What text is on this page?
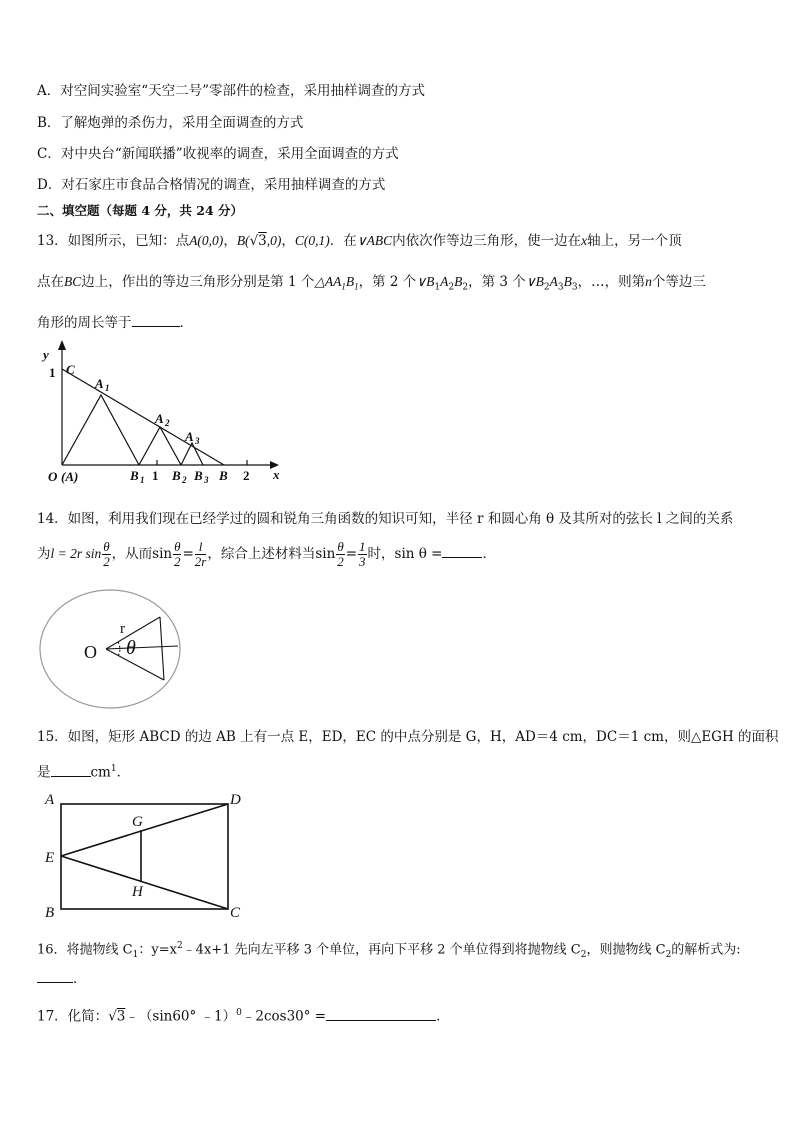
A．对空间实验室“天空二号”零部件的检查，采用抽样调查的方式
B．了解炮弹的杀伤力，采用全面调查的方式
C．对中央台“新闻联播”收视率的调查，采用全面调查的方式
D．对石家庄市食品合格情况的调查，采用抽样调查的方式
二、填空题（每题 4 分，共 24 分）
13．如图所示，已知：点A(0,0)，B(√3,0)，C(0,1)．在∨ABC内依次作等边三角形，使一边在x轴上，另一个顶
点在BC边上，作出的等边三角形分别是第 1 个$\triangle AA_1B_1$，第 2 个$\vee B_1A_2B_2$，第 3 个$\vee B_2A_3B_3$，…，则第n个等边三
角形的周长等于	．
y
x
1 C
A 1
A 2
A 3
O (A)	B 1 1 B 2 B 3 B 2
14．如图，利用我们现在已经学过的圆和锐角三角函数的知识可知，半径 r 和圆心角 θ 及其所对的弦长 l 之间的关系
为l = 2r $\sin \frac{\theta}{2}$ ，从而$\sin \frac{\theta}{2} = \frac{l}{2r}$ ，综合上述材料当$\sin \frac{\theta}{2} = \frac{1}{3}$ 时，sin θ =	．
O
r
θ
15．如图，矩形 ABCD 的边 AB 上有一点 E，ED，EC 的中点分别是 G，H，AD＝4 cm，DC＝1 cm，则△EGH 的面积
是	$cm^1$．
A	D
G
E
H
B	C
16．将抛物线 $C_1$：$y=x^2﹣4x+1$ 先向左平移 3 个单位，再向下平移 2 个单位得到将抛物线 $C_2$，则抛物线 $C_2$的解析式为:
．
17．化简：√3﹣（sin60° ﹣1）$^0$﹣2cos30° =	．
